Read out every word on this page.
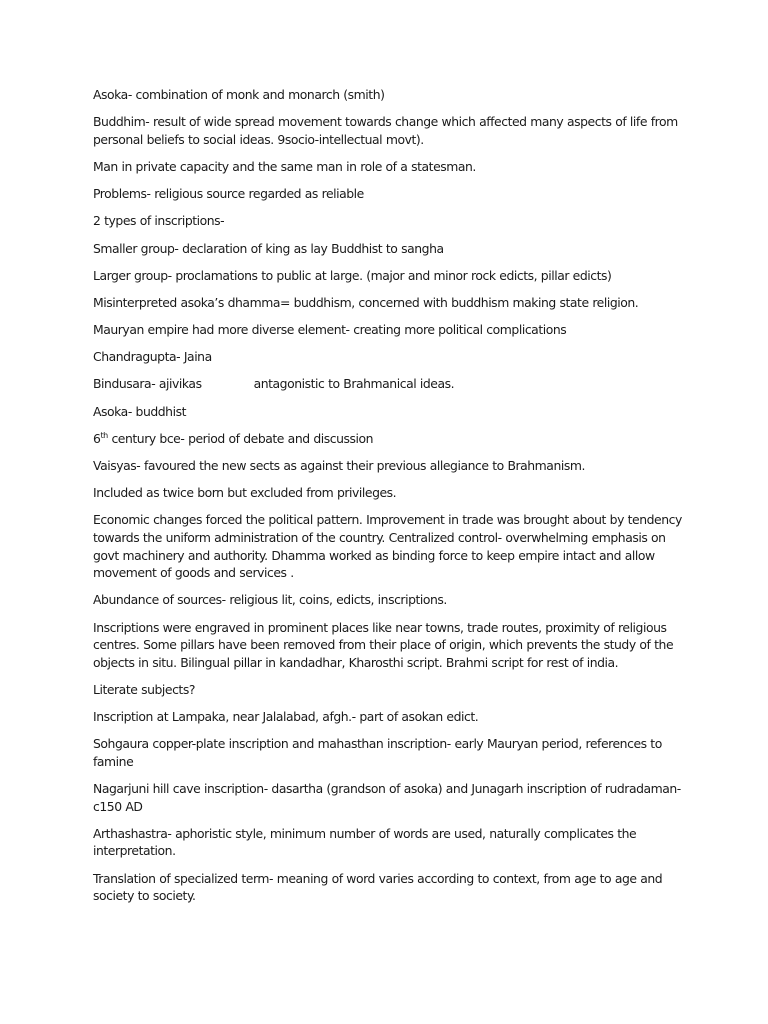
Asoka- combination of monk and monarch (smith)

Buddhim- result of wide spread movement towards change which affected many aspects of life from personal beliefs to social ideas. 9socio-intellectual movt).

Man in private capacity and the same man in role of a statesman.

Problems- religious source regarded as reliable

2 types of inscriptions-

Smaller group- declaration of king as lay Buddhist to sangha

Larger group- proclamations to public at large. (major and minor rock edicts, pillar edicts)

Misinterpreted asoka’s dhamma= buddhism, concerned with buddhism making state religion.

Mauryan empire had more diverse element- creating more political complications

Chandragupta- Jaina

Bindusara- ajivikas	antagonistic to Brahmanical ideas.

Asoka- buddhist

6th century bce- period of debate and discussion

Vaisyas- favoured the new sects as against their previous allegiance to Brahmanism.

Included as twice born but excluded from privileges.

Economic changes forced the political pattern. Improvement in trade was brought about by tendency towards the uniform administration of the country. Centralized control- overwhelming emphasis on govt machinery and authority. Dhamma worked as binding force to keep empire intact and allow movement of goods and services .

Abundance of sources- religious lit, coins, edicts, inscriptions.

Inscriptions were engraved in prominent places like near towns, trade routes, proximity of religious centres. Some pillars have been removed from their place of origin, which prevents the study of the objects in situ. Bilingual pillar in kandadhar, Kharosthi script. Brahmi script for rest of india.

Literate subjects?

Inscription at Lampaka, near Jalalabad, afgh.- part of asokan edict.

Sohgaura copper-plate inscription and mahasthan inscription- early Mauryan period, references to famine

Nagarjuni hill cave inscription- dasartha (grandson of asoka) and Junagarh inscription of rudradaman- c150 AD

Arthashastra- aphoristic style, minimum number of words are used, naturally complicates the interpretation.

Translation of specialized term- meaning of word varies according to context, from age to age and society to society.
